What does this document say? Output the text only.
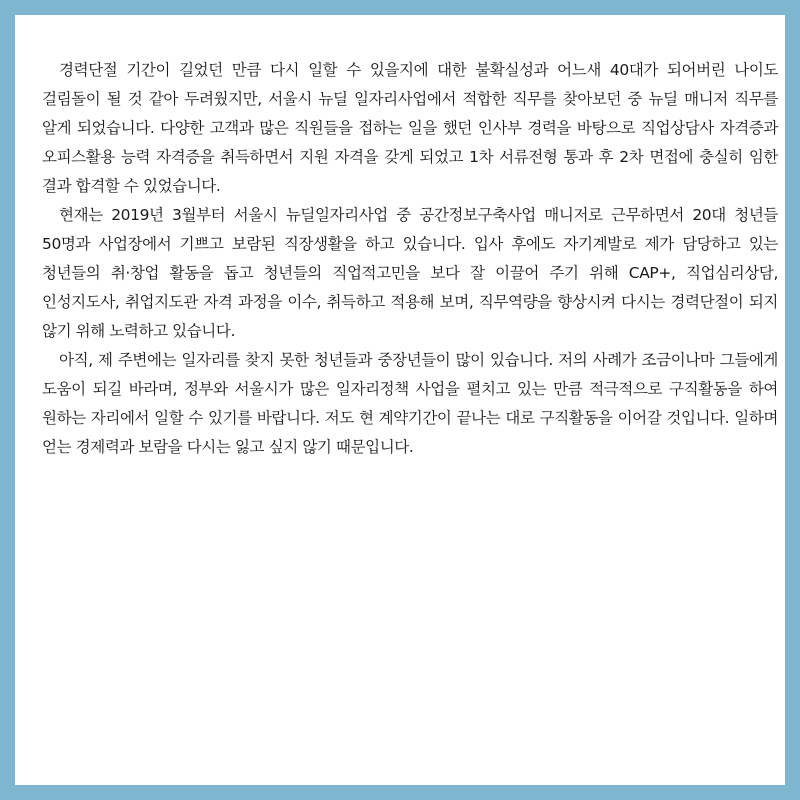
경력단절 기간이 길었던 만큼 다시 일할 수 있을지에 대한 불확실성과 어느새 40대가 되어버린 나이도 걸림돌이 될 것 같아 두려웠지만, 서울시 뉴딜 일자리사업에서 적합한 직무를 찾아보던 중 뉴딜 매니저 직무를 알게 되었습니다. 다양한 고객과 많은 직원들을 접하는 일을 했던 인사부 경력을 바탕으로 직업상담사 자격증과 오피스활용 능력 자격증을 취득하면서 지원 자격을 갖게 되었고 1차 서류전형 통과 후 2차 면접에 충실히 임한 결과 합격할 수 있었습니다.

현재는 2019년 3월부터 서울시 뉴딜일자리사업 중 공간정보구축사업 매니저로 근무하면서 20대 청년들 50명과 사업장에서 기쁘고 보람된 직장생활을 하고 있습니다. 입사 후에도 자기계발로 제가 담당하고 있는 청년들의 취·창업 활동을 돕고 청년들의 직업적고민을 보다 잘 이끌어 주기 위해 CAP+, 직업심리상담, 인성지도사, 취업지도관 자격 과정을 이수, 취득하고 적용해 보며, 직무역량을 향상시켜 다시는 경력단절이 되지 않기 위해 노력하고 있습니다.

아직, 제 주변에는 일자리를 찾지 못한 청년들과 중장년들이 많이 있습니다. 저의 사례가 조금이나마 그들에게 도움이 되길 바라며, 정부와 서울시가 많은 일자리정책 사업을 펼치고 있는 만큼 적극적으로 구직활동을 하여 원하는 자리에서 일할 수 있기를 바랍니다. 저도 현 계약기간이 끝나는 대로 구직활동을 이어갈 것입니다. 일하며 얻는 경제력과 보람을 다시는 잃고 싶지 않기 때문입니다.
